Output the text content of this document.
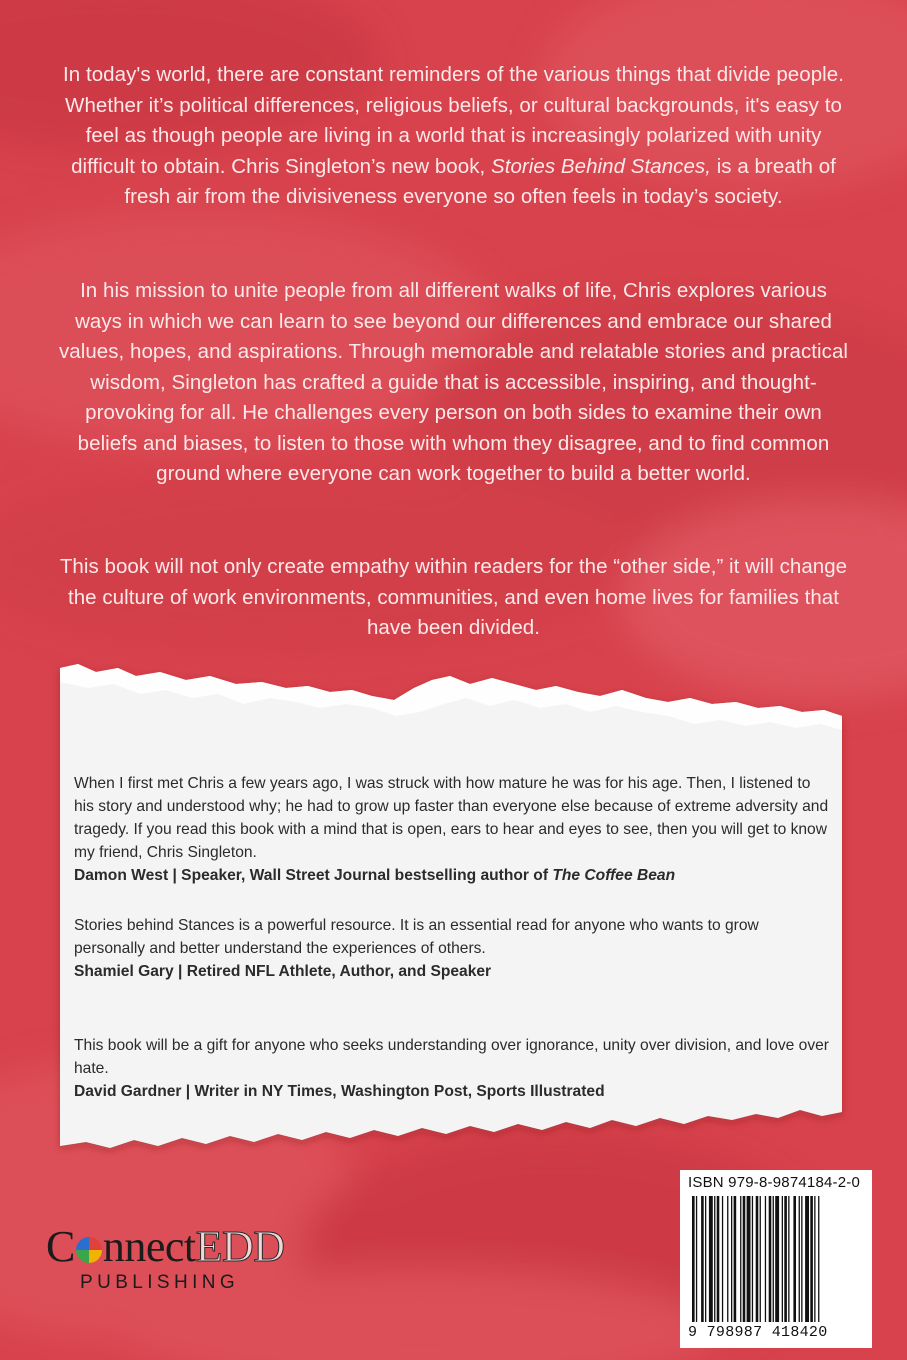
In today's world, there are constant reminders of the various things that divide people. Whether it’s political differences, religious beliefs, or cultural backgrounds, it's easy to feel as though people are living in a world that is increasingly polarized with unity difficult to obtain. Chris Singleton’s new book, Stories Behind Stances, is a breath of fresh air from the divisiveness everyone so often feels in today’s society.

In his mission to unite people from all different walks of life, Chris explores various ways in which we can learn to see beyond our differences and embrace our shared values, hopes, and aspirations. Through memorable and relatable stories and practical wisdom, Singleton has crafted a guide that is accessible, inspiring, and thought-provoking for all. He challenges every person on both sides to examine their own beliefs and biases, to listen to those with whom they disagree, and to find common ground where everyone can work together to build a better world.

This book will not only create empathy within readers for the “other side,” it will change the culture of work environments, communities, and even home lives for families that have been divided.

When I first met Chris a few years ago, I was struck with how mature he was for his age. Then, I listened to his story and understood why; he had to grow up faster than everyone else because of extreme adversity and tragedy. If you read this book with a mind that is open, ears to hear and eyes to see, then you will get to know my friend, Chris Singleton.
Damon West | Speaker, Wall Street Journal bestselling author of The Coffee Bean

Stories behind Stances is a powerful resource. It is an essential read for anyone who wants to grow personally and better understand the experiences of others.
Shamiel Gary | Retired NFL Athlete, Author, and Speaker

This book will be a gift for anyone who seeks understanding over ignorance, unity over division, and love over hate.
David Gardner | Writer in NY Times, Washington Post, Sports Illustrated

C nnectEDD
PUBLISHING
ISBN 979-8-9874184-2-0
9 798987 418420
